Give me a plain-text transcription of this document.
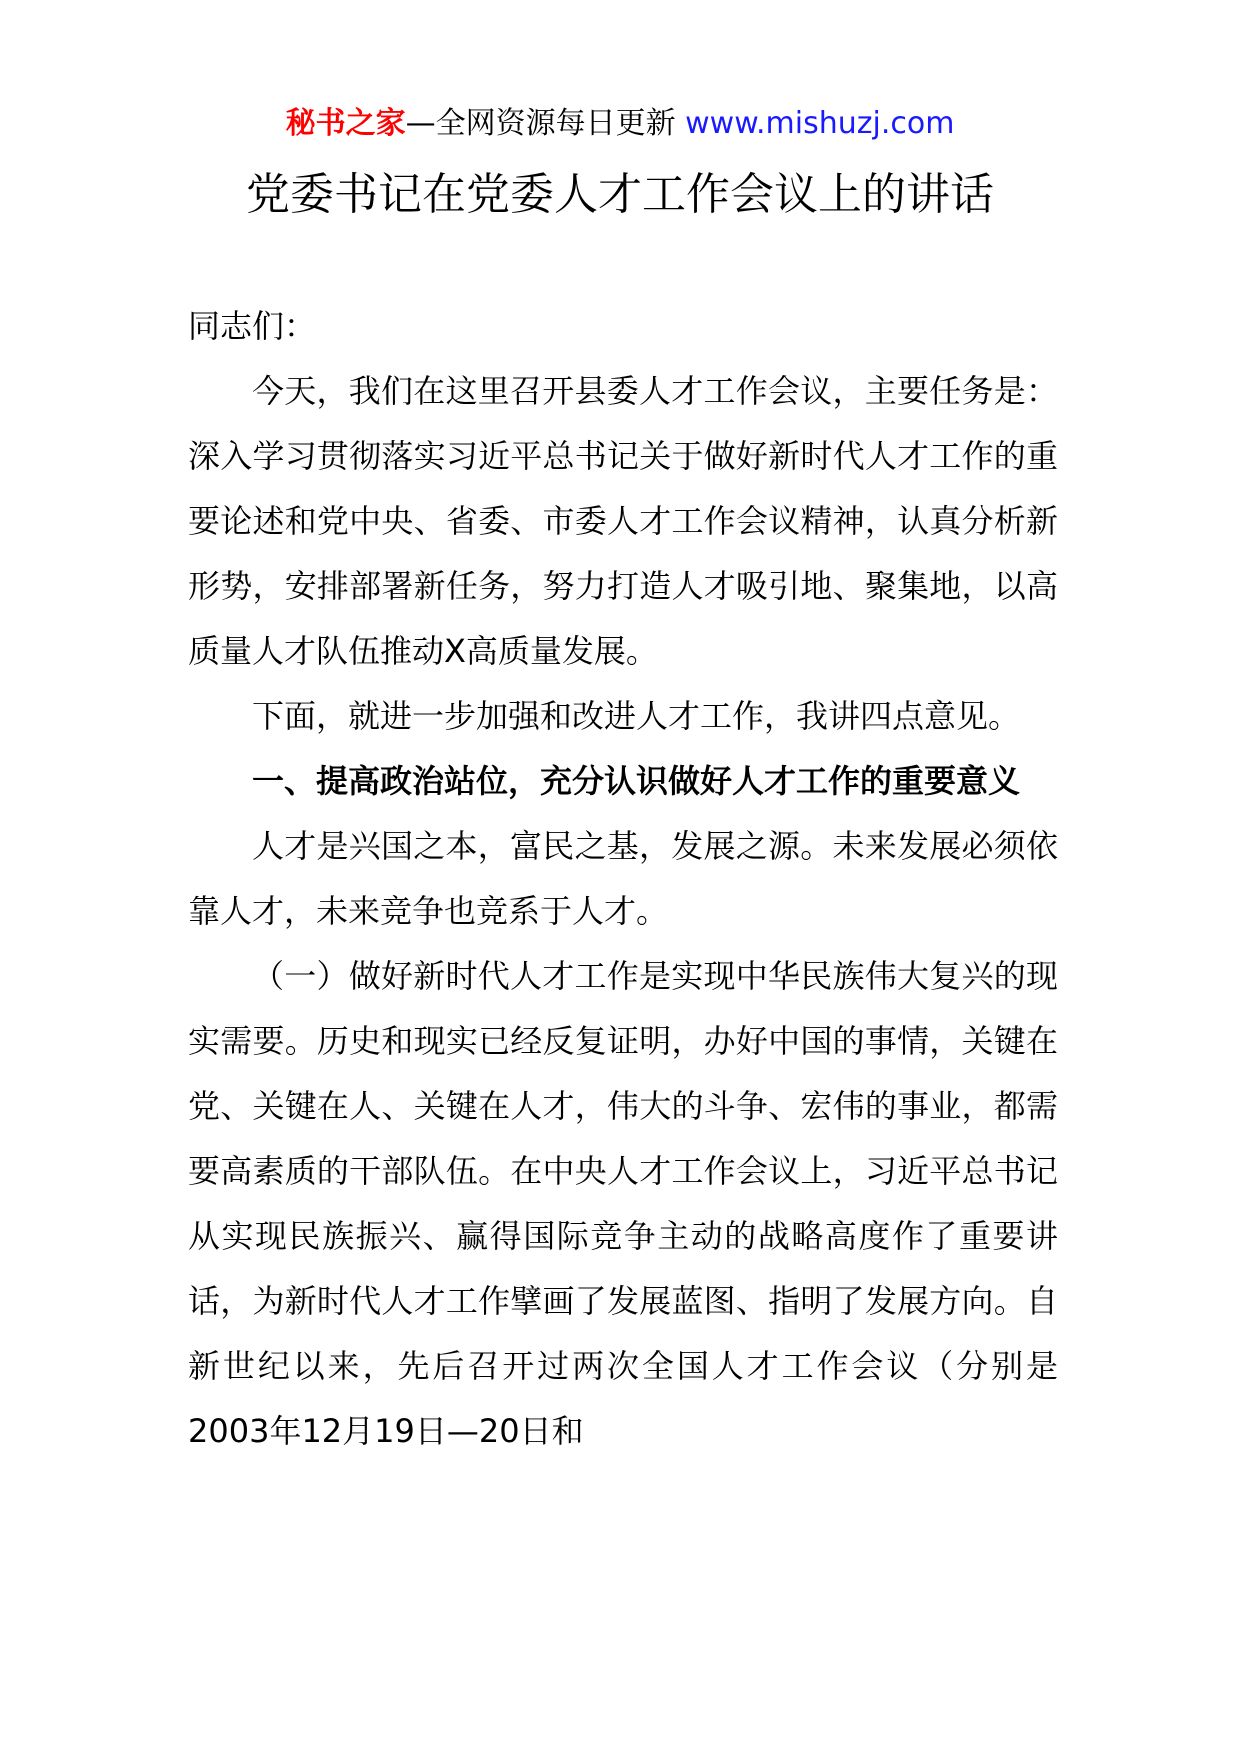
秘书之家—全网资源每日更新 www.mishuzj.com
党委书记在党委人才工作会议上的讲话

同志们：

今天，我们在这里召开县委人才工作会议，主要任务是：深入学习贯彻落实习近平总书记关于做好新时代人才工作的重要论述和党中央、省委、市委人才工作会议精神，认真分析新形势，安排部署新任务，努力打造人才吸引地、聚集地，以高质量人才队伍推动X高质量发展。

下面，就进一步加强和改进人才工作，我讲四点意见。

一、提高政治站位，充分认识做好人才工作的重要意义

人才是兴国之本，富民之基，发展之源。未来发展必须依靠人才，未来竞争也竞系于人才。

（一）做好新时代人才工作是实现中华民族伟大复兴的现实需要。历史和现实已经反复证明，办好中国的事情，关键在党、关键在人、关键在人才，伟大的斗争、宏伟的事业，都需要高素质的干部队伍。在中央人才工作会议上，习近平总书记从实现民族振兴、赢得国际竞争主动的战略高度作了重要讲话，为新时代人才工作擘画了发展蓝图、指明了发展方向。自新世纪以来，先后召开过两次全国人才工作会议（分别是2003年12月19日—20日和
